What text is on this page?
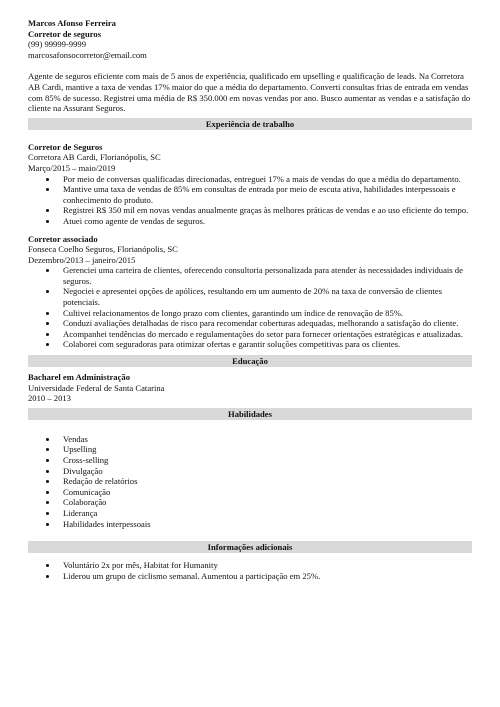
Marcos Afonso Ferreira
Corretor de seguros
(99) 99999-9999
marcosafonsocorretor@email.com
Agente de seguros eficiente com mais de 5 anos de experiência, qualificado em upselling e qualificação de leads. Na Corretora AB Cardi, mantive a taxa de vendas 17% maior do que a média do departamento. Converti consultas frias de entrada em vendas com 85% de sucesso. Registrei uma média de R$ 350.000 em novas vendas por ano. Busco aumentar as vendas e a satisfação do cliente na Assurant Seguros.
Experiência de trabalho
Corretor de Seguros
Corretora AB Cardi, Florianópolis, SC
Março/2015 – maio/2019
• Por meio de conversas qualificadas direcionadas, entreguei 17% a mais de vendas do que a média do departamento.
• Mantive uma taxa de vendas de 85% em consultas de entrada por meio de escuta ativa, habilidades interpessoais e conhecimento do produto.
• Registrei R$ 350 mil em novas vendas anualmente graças às melhores práticas de vendas e ao uso eficiente do tempo.
• Atuei como agente de vendas de seguros.
Corretor associado
Fonseca Coelho Seguros, Florianópolis, SC
Dezembro/2013 – janeiro/2015
• Gerenciei uma carteira de clientes, oferecendo consultoria personalizada para atender às necessidades individuais de seguros.
• Negociei e apresentei opções de apólices, resultando em um aumento de 20% na taxa de conversão de clientes potenciais.
• Cultivei relacionamentos de longo prazo com clientes, garantindo um índice de renovação de 85%.
• Conduzi avaliações detalhadas de risco para recomendar coberturas adequadas, melhorando a satisfação do cliente.
• Acompanhei tendências do mercado e regulamentações do setor para fornecer orientações estratégicas e atualizadas.
• Colaborei com seguradoras para otimizar ofertas e garantir soluções competitivas para os clientes.
Educação
Bacharel em Administração
Universidade Federal de Santa Catarina
2010 – 2013
Habilidades
• Vendas
• Upselling
• Cross-selling
• Divulgação
• Redação de relatórios
• Comunicação
• Colaboração
• Liderança
• Habilidades interpessoais
Informações adicionais
• Voluntário 2x por mês, Habitat for Humanity
• Liderou um grupo de ciclismo semanal. Aumentou a participação em 25%.
